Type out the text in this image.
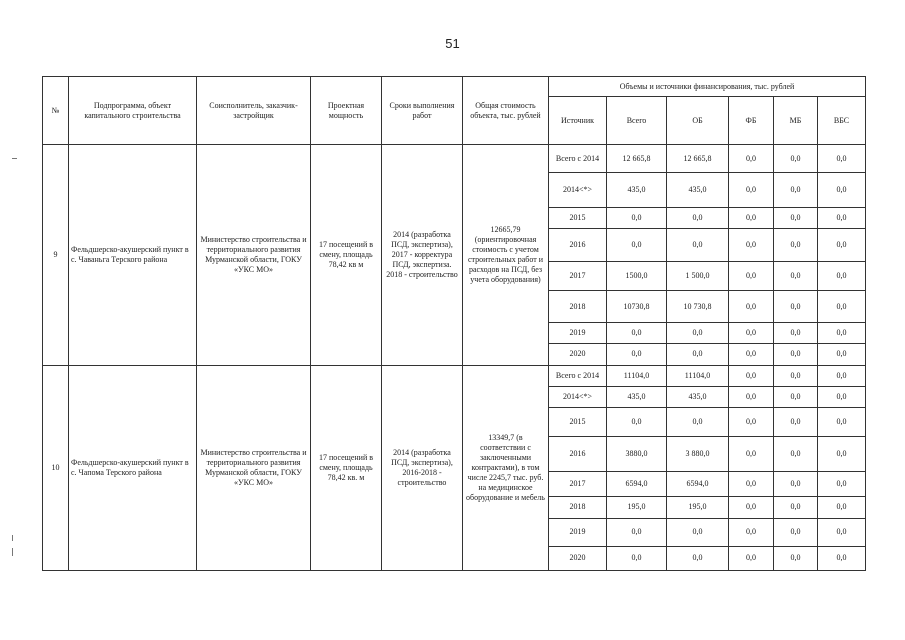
51
№	Подпрограмма, объект капитального строительства	Соисполнитель, заказчик-застройщик	Проектная мощность	Сроки выполнения работ	Общая стоимость объекта, тыс. рублей	Объемы и источники финансирования, тыс. рублей					
						Источник	Всего	ОБ	ФБ	МБ	ВБС
9	Фельдшерско-акушерский пункт в с. Чаваньга Терского района	Министерство строительства и территориального развития Мурманской области, ГОКУ «УКС МО»	17 посещений в смену, площадь 78,42 кв м	2014 (разработка ПСД, экспертиза), 2017 - корректура ПСД, экспертиза. 2018 - строительство	12665,79 (ориентировочная стоимость с учетом строительных работ и расходов на ПСД, без учета оборудования)	Всего с 2014	12 665,8	12 665,8	0,0	0,0	0,0
						2014<*>	435,0	435,0	0,0	0,0	0,0
						2015	0,0	0,0	0,0	0,0	0,0
						2016	0,0	0,0	0,0	0,0	0,0
						2017	1500,0	1 500,0	0,0	0,0	0,0
						2018	10730,8	10 730,8	0,0	0,0	0,0
						2019	0,0	0,0	0,0	0,0	0,0
						2020	0,0	0,0	0,0	0,0	0,0
10	Фельдшерско-акушерский пункт в с. Чапома Терского района	Министерство строительства и территориального развития Мурманской области, ГОКУ «УКС МО»	17 посещений в смену, площадь 78,42 кв. м	2014 (разработка ПСД, экспертиза), 2016-2018 - строительство	13349,7 (в соответствии с заключенными контрактами), в том числе 2245,7 тыс. руб. на медицинское оборудование и мебель	Всего с 2014	11104,0	11104,0	0,0	0,0	0,0
						2014<*>	435,0	435,0	0,0	0,0	0,0
						2015	0,0	0,0	0,0	0,0	0,0
						2016	3880,0	3 880,0	0,0	0,0	0,0
						2017	6594,0	6594,0	0,0	0,0	0,0
						2018	195,0	195,0	0,0	0,0	0,0
						2019	0,0	0,0	0,0	0,0	0,0
						2020	0,0	0,0	0,0	0,0	0,0
